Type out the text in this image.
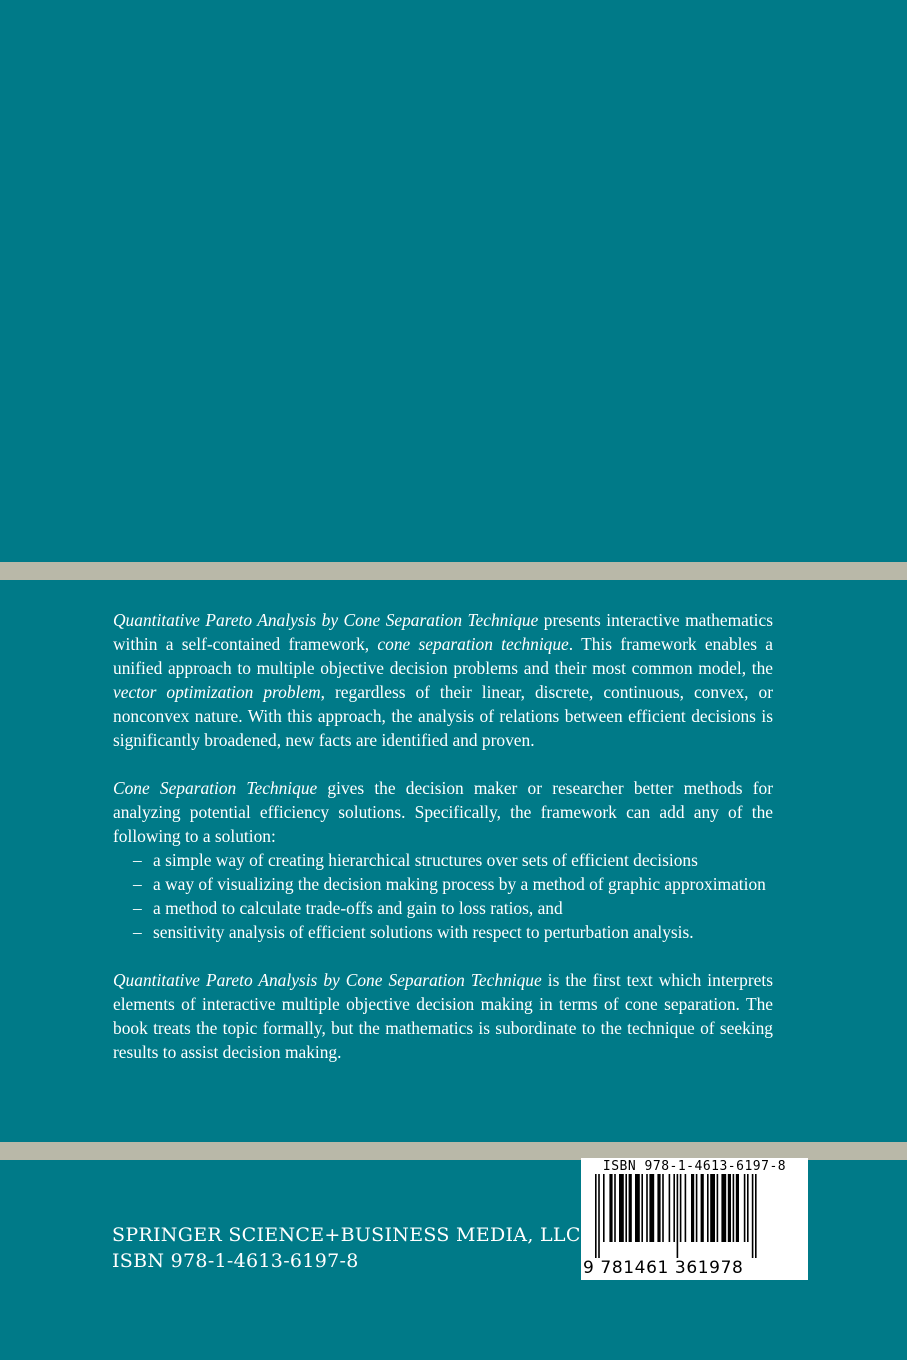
Quantitative Pareto Analysis by Cone Separation Technique presents interactive mathematics within a self-contained framework, cone separation technique. This framework enables a unified approach to multiple objective decision problems and their most common model, the vector optimization problem, regardless of their linear, discrete, continuous, convex, or nonconvex nature. With this approach, the analysis of relations between efficient decisions is significantly broadened, new facts are identified and proven.

Cone Separation Technique gives the decision maker or researcher better methods for analyzing potential efficiency solutions. Specifically, the framework can add any of the following to a solution:

– a simple way of creating hierarchical structures over sets of efficient decisions
– a way of visualizing the decision making process by a method of graphic approximation
– a method to calculate trade-offs and gain to loss ratios, and
– sensitivity analysis of efficient solutions with respect to perturbation analysis.

Quantitative Pareto Analysis by Cone Separation Technique is the first text which interprets elements of interactive multiple objective decision making in terms of cone separation. The book treats the topic formally, but the mathematics is subordinate to the technique of seeking results to assist decision making.

SPRINGER SCIENCE+BUSINESS MEDIA, LLC
ISBN 978-1-4613-6197-8
ISBN 978-1-4613-6197-8
9 781461 361978
